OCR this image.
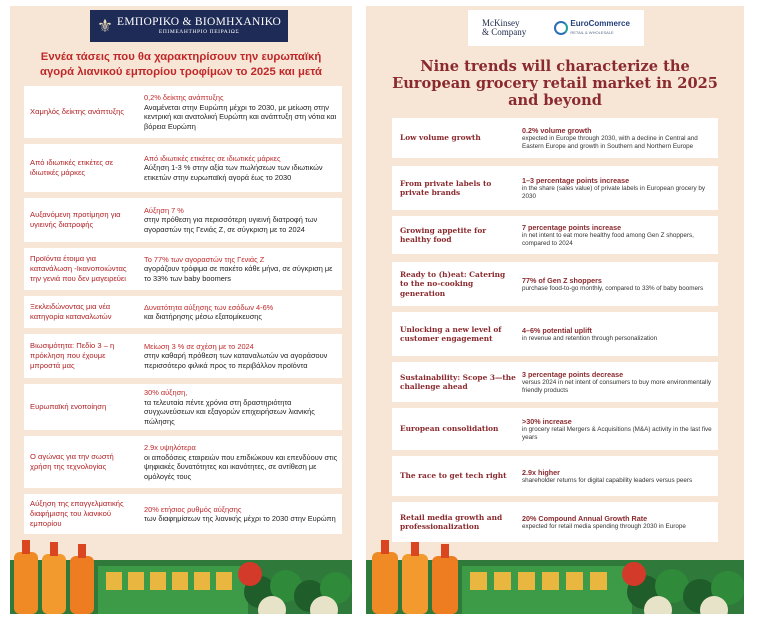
⚜ ΕΜΠΟΡΙΚΟ & ΒΙΟΜΗΧΑΝΙΚΟ
ΕΠΙΜΕΛΗΤΗΡΙΟ ΠΕΙΡΑΙΩΣ
Εννέα τάσεις που θα χαρακτηρίσουν την ευρωπαϊκή αγορά λιανικού εμπορίου τροφίμων το 2025 και μετά
Χαμηλός δείκτης ανάπτυξης
0,2% δείκτης ανάπτυξης
Αναμένεται στην Ευρώπη μέχρι το 2030, με μείωση στην κεντρική και ανατολική Ευρώπη και ανάπτυξη στη νότια και βόρεια Ευρώπη
Από ιδιωτικές ετικέτες σε ιδιωτικές μάρκες
Από ιδιωτικές ετικέτες σε ιδιωτικές μάρκες
Αύξηση 1-3 % στην αξία των πωλήσεων των ιδιωτικών ετικετών στην ευρωπαϊκή αγορά έως το 2030
Αυξανόμενη προτίμηση για υγιεινής διατροφής
Αύξηση 7 %
στην πρόθεση για περισσότερη υγιεινή διατροφή των αγοραστών της Γενιάς Ζ, σε σύγκριση με το 2024
Προϊόντα έτοιμα για κατανάλωση -Ικανοποιώντας την γενιά που δεν μαγειρεύει
Το 77% των αγοραστών της Γενιάς Ζ
αγοράζουν τρόφιμα σε πακέτο κάθε μήνα, σε σύγκριση με το 33% των baby boomers
Ξεκλειδώνοντας μια νέα κατηγορία καταναλωτών
Δυνατότητα αύξησης των εσόδων 4-6%
και διατήρησης μέσω εξατομίκευσης
Βιωσιμότητα: Πεδίο 3 – η πρόκληση που έχουμε μπροστά μας
Μείωση 3 % σε σχέση με το 2024
στην καθαρή πρόθεση των καταναλωτών να αγοράσουν περισσότερο φιλικά προς το περιβάλλον προϊόντα
Ευρωπαϊκή ενοποίηση
30% αύξηση,
τα τελευταία πέντε χρόνια στη δραστηριότητα συγχωνεύσεων και εξαγορών επιχειρήσεων λιανικής πώλησης
Ο αγώνας για την σωστή χρήση της τεχνολογίας
2.9x υψηλότερα
οι αποδόσεις εταιρειών που επιδιώκουν και επενδύουν στις ψηφιακές δυνατότητες και ικανότητες, σε αντίθεση με ομόλογές τους
Αύξηση της επαγγελματικής διαφήμισης του λιανικού εμπορίου
20% ετήσιος ρυθμός αύξησης
των διαφημίσεων της λιανικής μέχρι το 2030 στην Ευρώπη
McKinsey
& Company
EuroCommerce
RETAIL & WHOLESALE
Nine trends will characterize the European grocery retail market in 2025 and beyond
Low volume growth
0.2% volume growth
expected in Europe through 2030, with a decline in Central and Eastern Europe and growth in Southern and Northern Europe
From private labels to private brands
1–3 percentage points increase
in the share (sales value) of private labels in European grocery by 2030
Growing appetite for healthy food
7 percentage points increase
in net intent to eat more healthy food among Gen Z shoppers, compared to 2024
Ready to (h)eat: Catering to the no-cooking generation
77% of Gen Z shoppers
purchase food-to-go monthly, compared to 33% of baby boomers
Unlocking a new level of customer engagement
4–6% potential uplift
in revenue and retention through personalization
Sustainability: Scope 3—the challenge ahead
3 percentage points decrease
versus 2024 in net intent of consumers to buy more environmentally friendly products
European consolidation
>30% increase
in grocery retail Mergers & Acquisitions (M&A) activity in the last five years
The race to get tech right	2.9x higher
shareholder returns for digital capability leaders versus peers
Retail media growth and professionalization
20% Compound Annual Growth Rate
expected for retail media spending through 2030 in Europe
